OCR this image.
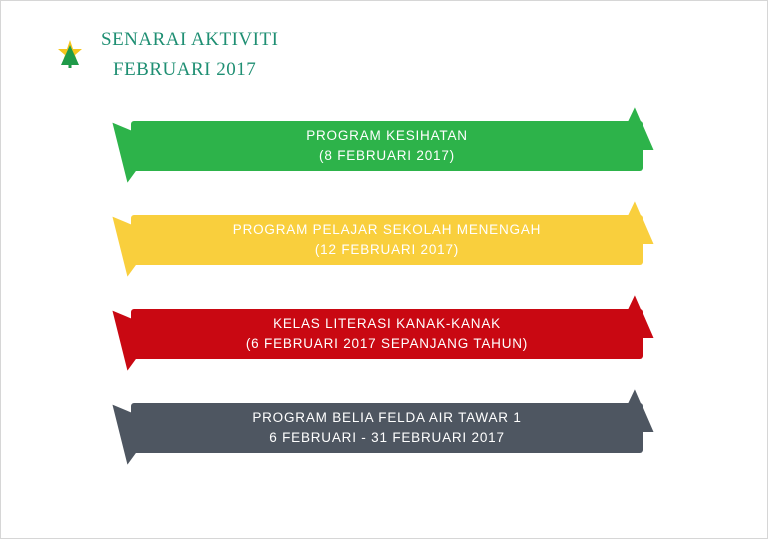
SENARAI AKTIVITI
FEBRUARI 2017
PROGRAM KESIHATAN
(8 FEBRUARI 2017)
PROGRAM PELAJAR SEKOLAH MENENGAH
(12 FEBRUARI 2017)
KELAS LITERASI KANAK-KANAK
(6 FEBRUARI 2017 SEPANJANG TAHUN)
PROGRAM BELIA FELDA AIR TAWAR 1
6 FEBRUARI - 31 FEBRUARI 2017
